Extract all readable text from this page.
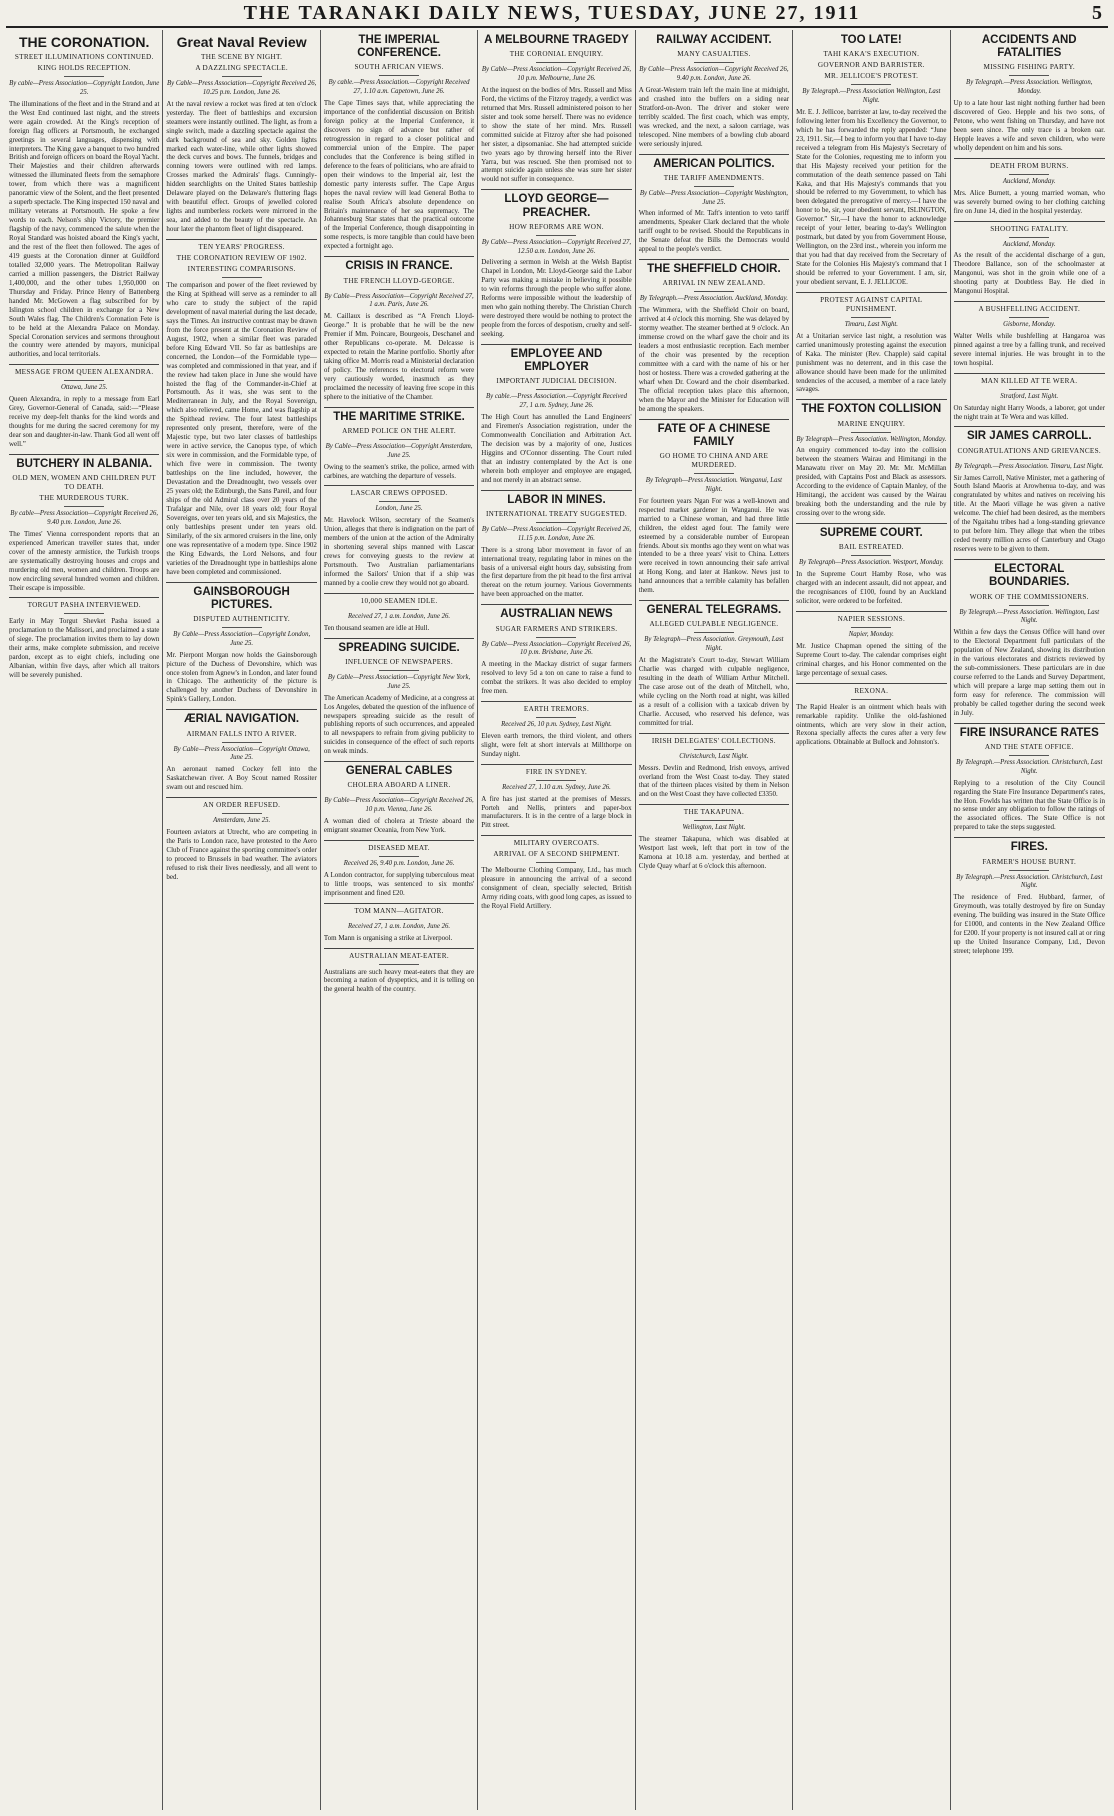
THE TARANAKI DAILY NEWS, TUESDAY, JUNE 27, 1911	5
THE CORONATION.
STREET ILLUMINATIONS CONTINUED.
KING HOLDS RECEPTION.
By cable—Press Association—Copyright London, June 25.
The illuminations of the fleet and in the Strand and at the West End continued last night, and the streets were again crowded. At the King's reception of foreign flag officers at Portsmouth, he exchanged greetings in several languages, dispensing with interpreters. The King gave a banquet to two hundred British and foreign officers on board the Royal Yacht. Their Majesties and their children afterwards witnessed the illuminated fleets from the semaphore tower, from which there was a magnificent panoramic view of the Solent, and the fleet presented a superb spectacle. The King inspected 150 naval and military veterans at Portsmouth. He spoke a few words to each. Nelson's ship Victory, the premier flagship of the navy, commenced the salute when the Royal Standard was hoisted aboard the King's yacht, and the rest of the fleet then followed. The ages of 419 guests at the Coronation dinner at Guildford totalled 32,000 years. The Metropolitan Railway carried a million passengers, the District Railway 1,400,000, and the other tubes 1,950,000 on Thursday and Friday. Prince Henry of Battenberg handed Mr. McGowen a flag subscribed for by Islington school children in exchange for a New South Wales flag. The Children's Coronation Fete is to be held at the Alexandra Palace on Monday. Special Coronation services and sermons throughout the country were attended by mayors, municipal authorities, and local territorials.
MESSAGE FROM QUEEN ALEXANDRA.
Ottawa, June 25.
Queen Alexandra, in reply to a message from Earl Grey, Governor-General of Canada, said:—“Please receive my deep-felt thanks for the kind words and thoughts for me during the sacred ceremony for my dear son and daughter-in-law. Thank God all went off well.”
BUTCHERY IN ALBANIA.
OLD MEN, WOMEN AND CHILDREN PUT TO DEATH.
THE MURDEROUS TURK.
By cable—Press Association—Copyright Received 26, 9.40 p.m. London, June 26.
The Times' Vienna correspondent reports that an experienced American traveller states that, under cover of the amnesty armistice, the Turkish troops are systematically destroying houses and crops and murdering old men, women and children. Troops are now encircling several hundred women and children. Their escape is impossible.
TORGUT PASHA INTERVIEWED.
Early in May Torgut Shevket Pasha issued a proclamation to the Malissori, and proclaimed a state of siege. The proclamation invites them to lay down their arms, make complete submission, and receive pardon, except as to eight chiefs, including one Albanian, within five days, after which all traitors will be severely punished.
Great Naval Review
THE SCENE BY NIGHT.
A DAZZLING SPECTACLE.
By Cable—Press Association—Copyright Received 26, 10.25 p.m. London, June 26.
At the naval review a rocket was fired at ten o'clock yesterday. The fleet of battleships and excursion steamers were instantly outlined. The light, as from a single switch, made a dazzling spectacle against the dark background of sea and sky. Golden lights marked each water-line, while other lights showed the deck curves and bows. The funnels, bridges and conning towers were outlined with red lamps. Crosses marked the Admirals' flags. Cunningly-hidden searchlights on the United States battleship Delaware played on the Delaware's fluttering flags with beautiful effect. Groups of jewelled colored lights and numberless rockets were mirrored in the sea, and added to the beauty of the spectacle. An hour later the phantom fleet of light disappeared.
TEN YEARS' PROGRESS.
THE CORONATION REVIEW OF 1902.
INTERESTING COMPARISONS.
The comparison and power of the fleet reviewed by the King at Spithead will serve as a reminder to all who care to study the subject of the rapid development of naval material during the last decade, says the Times. An instructive contrast may be drawn from the force present at the Coronation Review of August, 1902, when a similar fleet was paraded before King Edward VII. So far as battleships are concerned, the London—of the Formidable type—was completed and commissioned in that year, and if the review had taken place in June she would have hoisted the flag of the Commander-in-Chief at Portsmouth. As it was, she was sent to the Mediterranean in July, and the Royal Sovereign, which also relieved, came Home, and was flagship at the Spithead review. The four latest battleships represented only present, therefore, were of the Majestic type, but two later classes of battleships were in active service, the Canopus type, of which six were in commission, and the Formidable type, of which five were in commission. The twenty battleships on the line included, however, the Devastation and the Dreadnought, two vessels over 25 years old; the Edinburgh, the Sans Pareil, and four ships of the old Admiral class over 20 years of the Trafalgar and Nile, over 18 years old; four Royal Sovereigns, over ten years old, and six Majestics, the only battleships present under ten years old. Similarly, of the six armored cruisers in the line, only one was representative of a modern type. Since 1902 the King Edwards, the Lord Nelsons, and four varieties of the Dreadnought type in battleships alone have been completed and commissioned.
GAINSBOROUGH PICTURES.
DISPUTED AUTHENTICITY.
By Cable—Press Association—Copyright London, June 25.
Mr. Pierpont Morgan now holds the Gainsborough picture of the Duchess of Devonshire, which was once stolen from Agnew's in London, and later found in Chicago. The authenticity of the picture is challenged by another Duchess of Devonshire in Spink's Gallery, London.
ÆRIAL NAVIGATION.
AIRMAN FALLS INTO A RIVER.
By Cable—Press Association—Copyright Ottawa, June 25.
An aeronaut named Cockey fell into the Saskatchewan river. A Boy Scout named Rossiter swam out and rescued him.
AN ORDER REFUSED.
Amsterdam, June 25.
Fourteen aviators at Utrecht, who are competing in the Paris to London race, have protested to the Aero Club of France against the sporting committee's order to proceed to Brussels in bad weather. The aviators refused to risk their lives needlessly, and all went to bed.
THE IMPERIAL CONFERENCE.
SOUTH AFRICAN VIEWS.
By cable.—Press Association.—Copyright Received 27, 1.10 a.m. Capetown, June 26.
The Cape Times says that, while appreciating the importance of the confidential discussion on British foreign policy at the Imperial Conference, it discovers no sign of advance but rather of retrogression in regard to a closer political and commercial union of the Empire. The paper concludes that the Conference is being stifled in deference to the fears of politicians, who are afraid to open their windows to the Imperial air, lest the domestic party interests suffer. The Cape Argus hopes the naval review will lead General Botha to realise South Africa's absolute dependence on Britain's maintenance of her sea supremacy. The Johannesburg Star states that the practical outcome of the Imperial Conference, though disappointing in some respects, is more tangible than could have been expected a fortnight ago.
CRISIS IN FRANCE.
THE FRENCH LLOYD-GEORGE.
By Cable—Press Association—Copyright Received 27, 1 a.m. Paris, June 26.
M. Caillaux is described as “A French Lloyd-George.” It is probable that he will be the new Premier if Mm. Poincare, Bourgeois, Deschanel and other Republicans co-operate. M. Delcasse is expected to retain the Marine portfolio. Shortly after taking office M. Morris read a Ministerial declaration of policy. The references to electoral reform were very cautiously worded, inasmuch as they proclaimed the necessity of leaving free scope in this sphere to the initiative of the Chamber.
THE MARITIME STRIKE.
ARMED POLICE ON THE ALERT.
By Cable—Press Association—Copyright Amsterdam, June 25.
Owing to the seamen's strike, the police, armed with carbines, are watching the departure of vessels.
LASCAR CREWS OPPOSED.
London, June 25.
Mr. Havelock Wilson, secretary of the Seamen's Union, alleges that there is indignation on the part of members of the union at the action of the Admiralty in shortening several ships manned with Lascar crews for conveying guests to the review at Portsmouth. Two Australian parliamentarians informed the Sailors' Union that if a ship was manned by a coolie crew they would not go aboard.
10,000 SEAMEN IDLE.
Received 27, 1 a.m. London, June 26.
Ten thousand seamen are idle at Hull.
SPREADING SUICIDE.
INFLUENCE OF NEWSPAPERS.
By Cable—Press Association—Copyright New York, June 25.
The American Academy of Medicine, at a congress at Los Angeles, debated the question of the influence of newspapers spreading suicide as the result of publishing reports of such occurrences, and appealed to all newspapers to refrain from giving publicity to suicides in consequence of the effect of such reports on weak minds.
GENERAL CABLES
CHOLERA ABOARD A LINER.
By Cable—Press Association—Copyright Received 26, 10 p.m. Vienna, June 26.
A woman died of cholera at Trieste aboard the emigrant steamer Oceania, from New York.
DISEASED MEAT.
Received 26, 9.40 p.m. London, June 26.
A London contractor, for supplying tuberculous meat to little troops, was sentenced to six months' imprisonment and fined £20.
TOM MANN—AGITATOR.
Received 27, 1 a.m. London, June 26.
Tom Mann is organising a strike at Liverpool.
AUSTRALIAN MEAT-EATER.
Australians are such heavy meat-eaters that they are becoming a nation of dyspeptics, and it is telling on the general health of the country.
A MELBOURNE TRAGEDY
THE CORONIAL ENQUIRY.
By Cable—Press Association—Copyright Received 26, 10 p.m. Melbourne, June 26.
At the inquest on the bodies of Mrs. Russell and Miss Ford, the victims of the Fitzroy tragedy, a verdict was returned that Mrs. Russell administered poison to her sister and took some herself. There was no evidence to show the state of her mind. Mrs. Russell committed suicide at Fitzroy after she had poisoned her sister, a dipsomaniac. She had attempted suicide two years ago by throwing herself into the River Yarra, but was rescued. She then promised not to attempt suicide again unless she was sure her sister would not suffer in consequence.
LLOYD GEORGE—PREACHER.
HOW REFORMS ARE WON.
By Cable—Press Association—Copyright Received 27, 12.50 a.m. London, June 26.
Delivering a sermon in Welsh at the Welsh Baptist Chapel in London, Mr. Lloyd-George said the Labor Party was making a mistake in believing it possible to win reforms through the people who suffer alone. Reforms were impossible without the leadership of men who gain nothing thereby. The Christian Church were destroyed there would be nothing to protect the people from the forces of despotism, cruelty and self-seeking.
EMPLOYEE AND EMPLOYER
IMPORTANT JUDICIAL DECISION.
By cable.—Press Association.—Copyright Received 27, 1 a.m. Sydney, June 26.
The High Court has annulled the Land Engineers' and Firemen's Association registration, under the Commonwealth Conciliation and Arbitration Act. The decision was by a majority of one, Justices Higgins and O'Connor dissenting. The Court ruled that an industry contemplated by the Act is one wherein both employer and employee are engaged, and not merely in an abstract sense.
LABOR IN MINES.
INTERNATIONAL TREATY SUGGESTED.
By Cable—Press Association—Copyright Received 26, 11.15 p.m. London, June 26.
There is a strong labor movement in favor of an international treaty, regulating labor in mines on the basis of a universal eight hours day, subsisting from the first departure from the pit head to the first arrival thereat on the return journey. Various Governments have been approached on the matter.
AUSTRALIAN NEWS
SUGAR FARMERS AND STRIKERS.
By Cable—Press Association—Copyright Received 26, 10 p.m. Brisbane, June 26.
A meeting in the Mackay district of sugar farmers resolved to levy 5d a ton on cane to raise a fund to combat the strikers. It was also decided to employ free men.
EARTH TREMORS.
Received 26, 10 p.m. Sydney, Last Night.
Eleven earth tremors, the third violent, and others slight, were felt at short intervals at Millthorpe on Sunday night.
FIRE IN SYDNEY.
Received 27, 1.10 a.m. Sydney, June 26.
A fire has just started at the premises of Messrs. Porteh and Nellis, printers and paper-box manufacturers. It is in the centre of a large block in Pitt street.
MILITARY OVERCOATS.
ARRIVAL OF A SECOND SHIPMENT.
The Melbourne Clothing Company, Ltd., has much pleasure in announcing the arrival of a second consignment of clean, specially selected, British Army riding coats, with good long capes, as issued to the Royal Field Artillery.
RAILWAY ACCIDENT.
MANY CASUALTIES.
By Cable—Press Association—Copyright Received 26, 9.40 p.m. London, June 26.
A Great-Western train left the main line at midnight, and crashed into the buffers on a siding near Stratford-on-Avon. The driver and stoker were terribly scalded. The first coach, which was empty, was wrecked, and the next, a saloon carriage, was telescoped. Nine members of a bowling club aboard were seriously injured.
AMERICAN POLITICS.
THE TARIFF AMENDMENTS.
By Cable—Press Association—Copyright Washington, June 25.
When informed of Mr. Taft's intention to veto tariff amendments, Speaker Clark declared that the whole tariff ought to be revised. Should the Republicans in the Senate defeat the Bills the Democrats would appeal to the people's verdict.
THE SHEFFIELD CHOIR.
ARRIVAL IN NEW ZEALAND.
By Telegraph.—Press Association. Auckland, Monday.
The Wimmera, with the Sheffield Choir on board, arrived at 4 o'clock this morning. She was delayed by stormy weather. The steamer berthed at 9 o'clock. An immense crowd on the wharf gave the choir and its leaders a most enthusiastic reception. Each member of the choir was presented by the reception committee with a card with the name of his or her host or hostess. There was a crowded gathering at the wharf when Dr. Coward and the choir disembarked. The official reception takes place this afternoon, when the Mayor and the Minister for Education will be among the speakers.
FATE OF A CHINESE FAMILY
GO HOME TO CHINA AND ARE MURDERED.
By Telegraph—Press Association. Wanganui, Last Night.
For fourteen years Ngan For was a well-known and respected market gardener in Wanganui. He was married to a Chinese woman, and had three little children, the eldest aged four. The family were esteemed by a considerable number of European friends. About six months ago they went on what was intended to be a three years' visit to China. Letters were received in town announcing their safe arrival at Hong Kong, and later at Hankow. News just to hand announces that a terrible calamity has befallen them.
GENERAL TELEGRAMS.
ALLEGED CULPABLE NEGLIGENCE.
By Telegraph—Press Association. Greymouth, Last Night.
At the Magistrate's Court to-day, Stewart William Charlie was charged with culpable negligence, resulting in the death of William Arthur Mitchell. The case arose out of the death of Mitchell, who, while cycling on the North road at night, was killed as a result of a collision with a taxicab driven by Charlie. Accused, who reserved his defence, was committed for trial.
IRISH DELEGATES' COLLECTIONS.
Christchurch, Last Night.
Messrs. Devlin and Redmond, Irish envoys, arrived overland from the West Coast to-day. They stated that of the thirteen places visited by them in Nelson and on the West Coast they have collected £3350.
THE TAKAPUNA.
Wellington, Last Night.
The steamer Takapuna, which was disabled at Westport last week, left that port in tow of the Kamona at 10.18 a.m. yesterday, and berthed at Clyde Quay wharf at 6 o'clock this afternoon.
TOO LATE!
TAHI KAKA'S EXECUTION.
GOVERNOR AND BARRISTER.
MR. JELLICOE'S PROTEST.
By Telegraph.—Press Association Wellington, Last Night.
Mr. E. J. Jellicoe, barrister at law, to-day received the following letter from his Excellency the Governor, to which he has forwarded the reply appended: “June 23, 1911. Sir,—I beg to inform you that I have to-day received a telegram from His Majesty's Secretary of State for the Colonies, requesting me to inform you that His Majesty received your petition for the commutation of the death sentence passed on Tahi Kaka, and that His Majesty's commands that you should be referred to my Government, to which has been delegated the prerogative of mercy.—I have the honor to be, sir, your obedient servant, ISLINGTON, Governor.” Sir,—I have the honor to acknowledge receipt of your letter, bearing to-day's Wellington postmark, but dated by you from Government House, Wellington, on the 23rd inst., wherein you inform me that you had that day received from the Secretary of State for the Colonies His Majesty's command that I should be referred to your Government. I am, sir, your obedient servant, E. J. JELLICOE.
PROTEST AGAINST CAPITAL PUNISHMENT.
Timaru, Last Night.
At a Unitarian service last night, a resolution was carried unanimously protesting against the execution of Kaka. The minister (Rev. Chapple) said capital punishment was no deterrent, and in this case the allowance should have been made for the unlimited tendencies of the accused, a member of a race lately savages.
THE FOXTON COLLISION
MARINE ENQUIRY.
By Telegraph—Press Association. Wellington, Monday.
An enquiry commenced to-day into the collision between the steamers Wairau and Himitangi in the Manawatu river on May 20. Mr. Mr. McMillan presided, with Captains Post and Black as assessors. According to the evidence of Captain Manley, of the Himitangi, the accident was caused by the Wairau breaking both the understanding and the rule by crossing over to the wrong side.
SUPREME COURT.
BAIL ESTREATED.
By Telegraph—Press Association. Westport, Monday.
In the Supreme Court Hamby Rose, who was charged with an indecent assault, did not appear, and the recognisances of £100, found by an Auckland solicitor, were ordered to be forfeited.
NAPIER SESSIONS.
Napier, Monday.
Mr. Justice Chapman opened the sitting of the Supreme Court to-day. The calendar comprises eight criminal charges, and his Honor commented on the large percentage of sexual cases.
REXONA.
The Rapid Healer is an ointment which heals with remarkable rapidity. Unlike the old-fashioned ointments, which are very slow in their action, Rexona specially affects the cures after a very few applications. Obtainable at Bullock and Johnston's.
ACCIDENTS AND FATALITIES
MISSING FISHING PARTY.
By Telegraph.—Press Association. Wellington, Monday.
Up to a late hour last night nothing further had been discovered of Geo. Hepple and his two sons, of Petone, who went fishing on Thursday, and have not been seen since. The only trace is a broken oar. Hepple leaves a wife and seven children, who were wholly dependent on him and his sons.
DEATH FROM BURNS.
Auckland, Monday.
Mrs. Alice Burnett, a young married woman, who was severely burned owing to her clothing catching fire on June 14, died in the hospital yesterday.
SHOOTING FATALITY.
Auckland, Monday.
As the result of the accidental discharge of a gun, Theodore Ballance, son of the schoolmaster at Mangonui, was shot in the groin while one of a shooting party at Doubtless Bay. He died in Mangonui Hospital.
A BUSHFELLING ACCIDENT.
Gisborne, Monday.
Walter Wells while bushfelling at Hangaroa was pinned against a tree by a falling trunk, and received severe internal injuries. He was brought in to the town hospital.
MAN KILLED AT TE WERA.
Stratford, Last Night.
On Saturday night Harry Woods, a laborer, got under the night train at Te Wera and was killed.
SIR JAMES CARROLL.
CONGRATULATIONS AND GRIEVANCES.
By Telegraph.—Press Association. Timaru, Last Night.
Sir James Carroll, Native Minister, met a gathering of South Island Maoris at Arowhenua to-day, and was congratulated by whites and natives on receiving his title. At the Maori village he was given a native welcome. The chief had been desired, as the members of the Ngaitahu tribes had a long-standing grievance to put before him. They allege that when the tribes ceded twenty million acres of Canterbury and Otago reserves were to be given to them.
ELECTORAL BOUNDARIES.
WORK OF THE COMMISSIONERS.
By Telegraph.—Press Association. Wellington, Last Night.
Within a few days the Census Office will hand over to the Electoral Department full particulars of the population of New Zealand, showing its distribution in the various electorates and districts reviewed by the sub-commissioners. These particulars are in due course referred to the Lands and Survey Department, which will prepare a large map setting them out in form easy for reference. The commission will probably be called together during the second week in July.
FIRE INSURANCE RATES
AND THE STATE OFFICE.
By Telegraph.—Press Association. Christchurch, Last Night.
Replying to a resolution of the City Council regarding the State Fire Insurance Department's rates, the Hon. Fowlds has written that the State Office is in no sense under any obligation to follow the ratings of the associated offices. The State Office is not prepared to take the steps suggested.
FIRES.
FARMER'S HOUSE BURNT.
By Telegraph.—Press Association. Christchurch, Last Night.
The residence of Fred. Hubbard, farmer, of Greymouth, was totally destroyed by fire on Sunday evening. The building was insured in the State Office for £1000, and contents in the New Zealand Office for £200. If your property is not insured call at or ring up the United Insurance Company, Ltd., Devon street; telephone 199.
